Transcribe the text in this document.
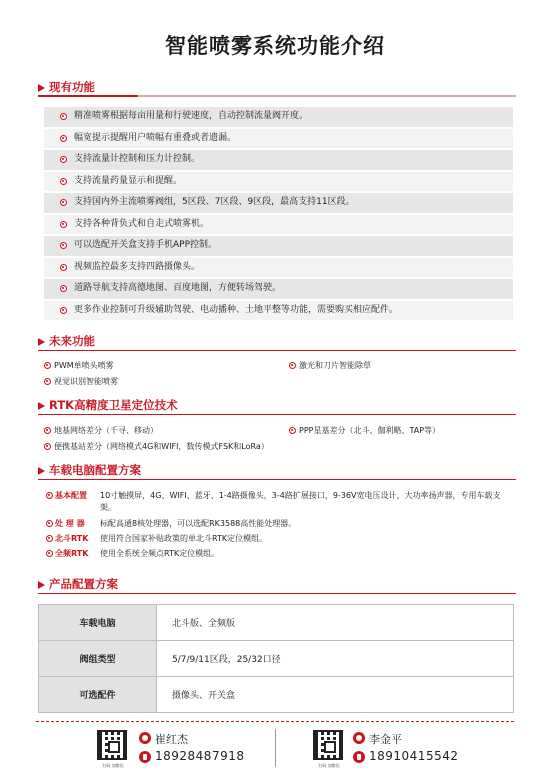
智能喷雾系统功能介绍
现有功能
精准喷雾根据每亩用量和行驶速度，自动控制流量阀开度。
幅宽提示提醒用户喷幅有重叠或者遗漏。
支持流量计控制和压力计控制。
支持流量药量显示和提醒。
支持国内外主流喷雾阀组，5区段、7区段、9区段，最高支持11区段。
支持各种背负式和自走式喷雾机。
可以选配开关盒支持手机APP控制。
视频监控最多支持四路摄像头。
道路导航支持高德地图、百度地图，方便转场驾驶。
更多作业控制可升级辅助驾驶、电动播种、土地平整等功能，需要购买相应配件。
未来功能
PWM单喷头喷雾	激光和刀片智能除草
视觉识别智能喷雾
RTK高精度卫星定位技术
地基网络差分（千寻、移动）	PPP星基差分（北斗、伽利略、TAP等）
便携基站差分（网络模式4G和WIFI，数传模式FSK和LoRa）
车载电脑配置方案
基本配置 10寸触摸屏，4G、WIFI、蓝牙、1-4路摄像头，3-4路扩展接口，9-36V宽电压设计，大功率扬声器，专用车载支架。
处 理 器 标配高通8核处理器，可以选配RK3588高性能处理器。
北斗RTK 使用符合国家补贴政策的单北斗RTK定位模组。
全频RTK 使用全系统全频点RTK定位模组。
产品配置方案
车载电脑	北斗版、全频版
阀组类型	5/7/9/11区段，25/32口径
可选配件	摄像头、开关盒
扫码 加微信
崔红杰
18928487918
扫码 加微信
李金平
18910415542
